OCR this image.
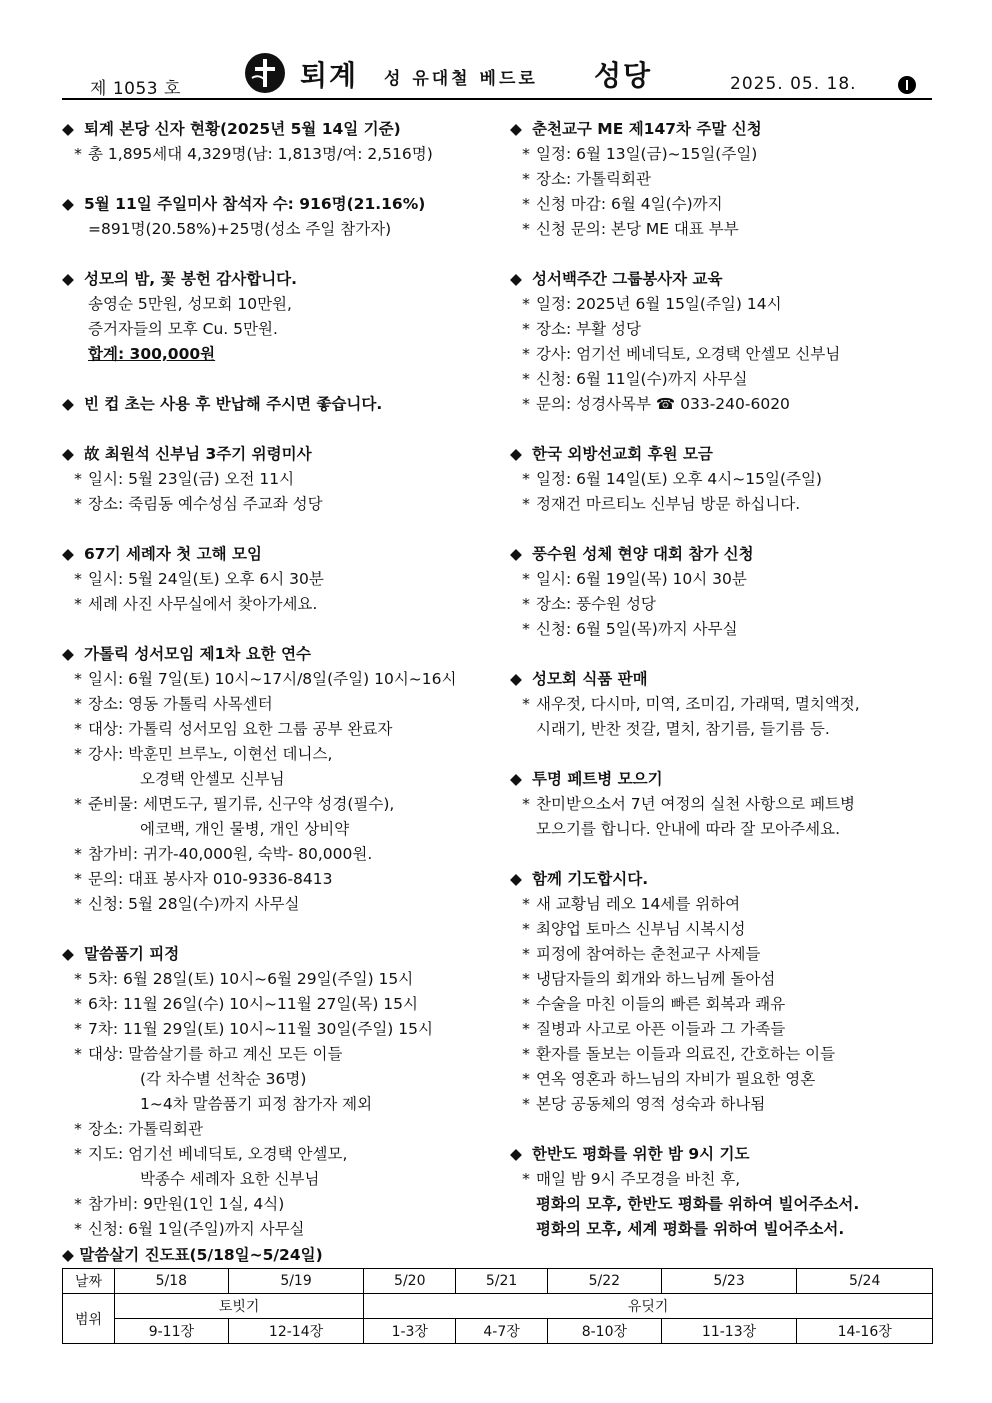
제 1053 호	퇴계 성 유대철 베드로 성당	2025. 05. 18.
◆ 퇴계 본당 신자 현황(2025년 5월 14일 기준)
* 총 1,895세대 4,329명(남: 1,813명/여: 2,516명)
◆ 5월 11일 주일미사 참석자 수: 916명(21.16%)
=891명(20.58%)+25명(성소 주일 참가자)
◆ 성모의 밤, 꽃 봉헌 감사합니다.
송영순 5만원, 성모회 10만원,
증거자들의 모후 Cu. 5만원.
합계: 300,000원
◆ 빈 컵 초는 사용 후 반납해 주시면 좋습니다.
◆ 故 최원석 신부님 3주기 위령미사
* 일시: 5월 23일(금) 오전 11시
* 장소: 죽림동 예수성심 주교좌 성당
◆ 67기 세례자 첫 고해 모임
* 일시: 5월 24일(토) 오후 6시 30분
* 세례 사진 사무실에서 찾아가세요.
◆ 가톨릭 성서모임 제1차 요한 연수
* 일시: 6월 7일(토) 10시~17시/8일(주일) 10시~16시
* 장소: 영동 가톨릭 사목센터
* 대상: 가톨릭 성서모임 요한 그룹 공부 완료자
* 강사: 박훈민 브루노, 이현선 데니스,
오경택 안셀모 신부님
* 준비물: 세면도구, 필기류, 신구약 성경(필수),
에코백, 개인 물병, 개인 상비약
* 참가비: 귀가-40,000원, 숙박- 80,000원.
* 문의: 대표 봉사자 010-9336-8413
* 신청: 5월 28일(수)까지 사무실
◆ 말씀품기 피정
* 5차: 6월 28일(토) 10시~6월 29일(주일) 15시
* 6차: 11월 26일(수) 10시~11월 27일(목) 15시
* 7차: 11월 29일(토) 10시~11월 30일(주일) 15시
* 대상: 말씀살기를 하고 계신 모든 이들
(각 차수별 선착순 36명)
1~4차 말씀품기 피정 참가자 제외
* 장소: 가톨릭회관
* 지도: 엄기선 베네딕토, 오경택 안셀모,
박종수 세례자 요한 신부님
* 참가비: 9만원(1인 1실, 4식)
* 신청: 6월 1일(주일)까지 사무실
◆ 춘천교구 ME 제147차 주말 신청
* 일정: 6월 13일(금)~15일(주일)
* 장소: 가톨릭회관
* 신청 마감: 6월 4일(수)까지
* 신청 문의: 본당 ME 대표 부부
◆ 성서백주간 그룹봉사자 교육
* 일정: 2025년 6월 15일(주일) 14시
* 장소: 부활 성당
* 강사: 엄기선 베네딕토, 오경택 안셀모 신부님
* 신청: 6월 11일(수)까지 사무실
* 문의: 성경사목부 ☎ 033-240-6020
◆ 한국 외방선교회 후원 모금
* 일정: 6월 14일(토) 오후 4시~15일(주일)
* 정재건 마르티노 신부님 방문 하십니다.
◆ 풍수원 성체 현양 대회 참가 신청
* 일시: 6월 19일(목) 10시 30분
* 장소: 풍수원 성당
* 신청: 6월 5일(목)까지 사무실
◆ 성모회 식품 판매
* 새우젓, 다시마, 미역, 조미김, 가래떡, 멸치액젓,
시래기, 반찬 젓갈, 멸치, 참기름, 들기름 등.
◆ 투명 페트병 모으기
* 찬미받으소서 7년 여정의 실천 사항으로 페트병
모으기를 합니다. 안내에 따라 잘 모아주세요.
◆ 함께 기도합시다.
* 새 교황님 레오 14세를 위하여
* 최양업 토마스 신부님 시복시성
* 피정에 참여하는 춘천교구 사제들
* 냉담자들의 회개와 하느님께 돌아섬
* 수술을 마친 이들의 빠른 회복과 쾌유
* 질병과 사고로 아픈 이들과 그 가족들
* 환자를 돌보는 이들과 의료진, 간호하는 이들
* 연옥 영혼과 하느님의 자비가 필요한 영혼
* 본당 공동체의 영적 성숙과 하나됨
◆ 한반도 평화를 위한 밤 9시 기도
* 매일 밤 9시 주모경을 바친 후,
평화의 모후, 한반도 평화를 위하여 빌어주소서.
평화의 모후, 세계 평화를 위하여 빌어주소서.
◆ 말씀살기 진도표(5/18일~5/24일)
날짜	5/18	5/19	5/20	5/21	5/22	5/23	5/24
범위	토빗기		유딧기				
	9-11장	12-14장	1-3장	4-7장	8-10장	11-13장	14-16장
